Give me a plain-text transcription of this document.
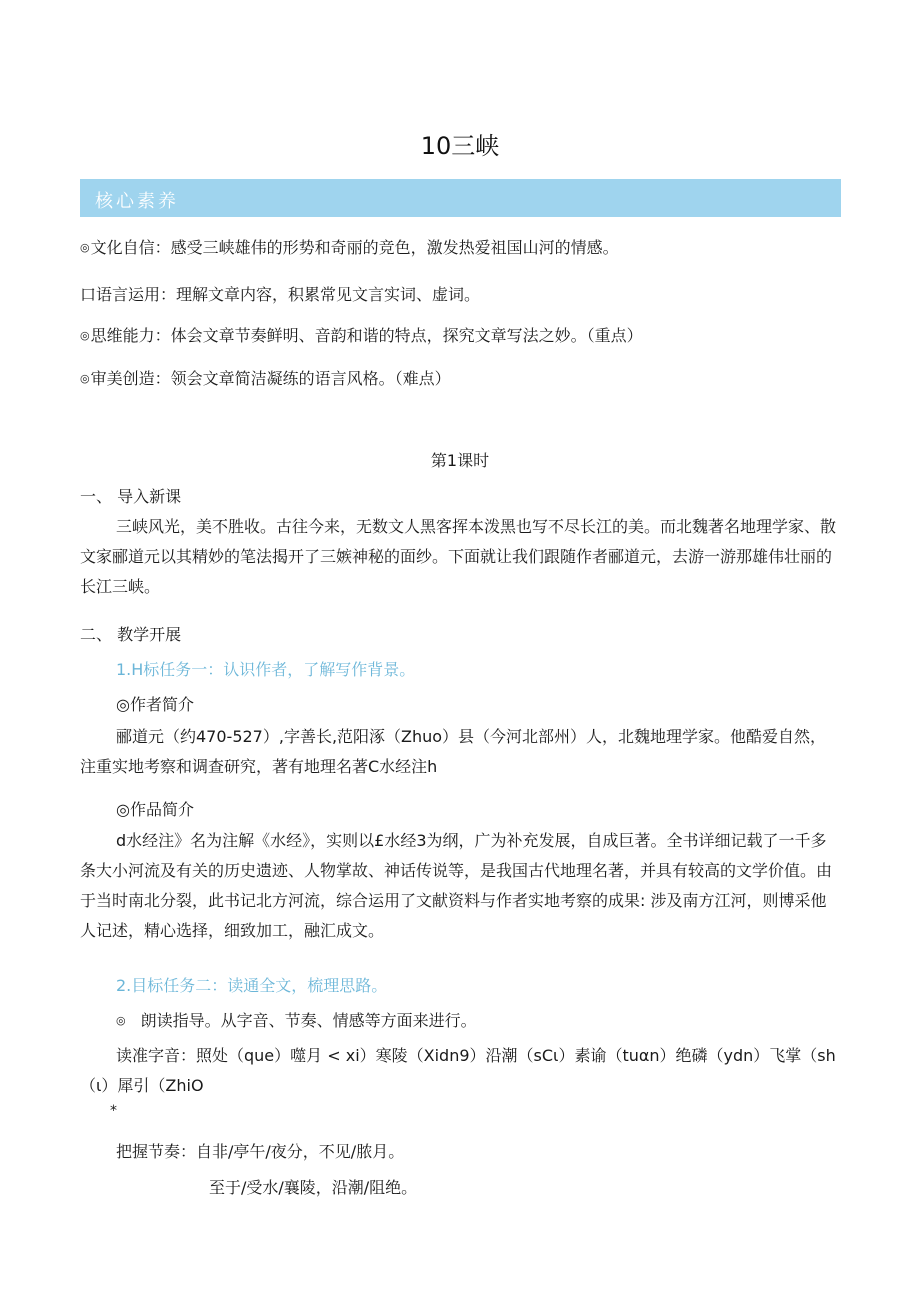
10三峡
核心素养
◎文化自信：感受三峡雄伟的形势和奇丽的竞色，激发热爱祖国山河的情感。
口语言运用：理解文章内容，积累常见文言实词、虚词。
◎思维能力：体会文章节奏鲜明、音韵和谐的特点，探究文章写法之妙。（重点）
◎审美创造：领会文章简洁凝练的语言风格。（难点）
第1课时
一、 导入新课
三峡风光，美不胜收。古往今来，无数文人黑客挥本泼黑也写不尽长江的美。而北魏著名地理学家、散文家郦道元以其精妙的笔法揭开了三嫉神秘的面纱。下面就让我们跟随作者郦道元，去游一游那雄伟壮丽的长江三峡。
二、 教学开展
1.H标任务一：认识作者，了解写作背景。
◎作者简介
郦道元（约470-527）,字善长,范阳涿（Zhuo）县（今河北部州）人，北魏地理学家。他酷爱自然，注重实地考察和调查研究，著有地理名著C水经注h
◎作品简介
d水经注》名为注解《水经》，实则以£水经3为纲，广为补充发展，自成巨著。全书详细记载了一千多条大小河流及有关的历史遗迹、人物掌故、神话传说等，是我国古代地理名著，并具有较高的文学价值。由于当时南北分裂，此书记北方河流，综合运用了文献资料与作者实地考察的成果: 涉及南方江河，则博采他人记述，精心选择，细致加工，融汇成文。
2.目标任务二：读通全文，梳理思路。
◎ 朗读指导。从字音、节奏、情感等方面来进行。
读准字音：照处（que）噬月 < xi）寒陵（Xidn9）沿潮（sCι）素谕（tuαn）绝磷（ydn）飞掌（sh（ι）犀引（ZhiO
*
把握节奏：自非/亭午/夜分，不见/脓月。
至于/受水/襄陵，沿潮/阻绝。
